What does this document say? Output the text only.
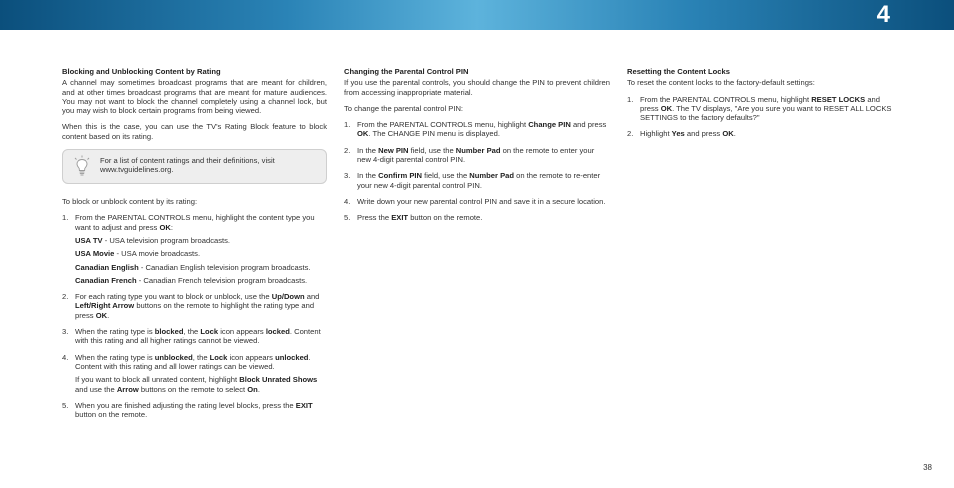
4
Blocking and Unblocking Content by Rating

A channel may sometimes broadcast programs that are meant for children, and at other times broadcast programs that are meant for mature audiences. You may not want to block the channel completely using a channel lock, but you may wish to block certain programs from being viewed.

When this is the case, you can use the TV's Rating Block feature to block content based on its rating.

For a list of content ratings and their definitions, visit www.tvguidelines.org.

To block or unblock content by its rating:

1. From the PARENTAL CONTROLS menu, highlight the content type you want to adjust and press OK:
USA TV - USA television program broadcasts.
USA Movie - USA movie broadcasts.
Canadian English - Canadian English television program broadcasts.
Canadian French - Canadian French television program broadcasts.
2. For each rating type you want to block or unblock, use the Up/Down and Left/Right Arrow buttons on the remote to highlight the rating type and press OK.
3. When the rating type is blocked, the Lock icon appears locked. Content with this rating and all higher ratings cannot be viewed.
4. When the rating type is unblocked, the Lock icon appears unlocked. Content with this rating and all lower ratings can be viewed.
If you want to block all unrated content, highlight Block Unrated Shows and use the Arrow buttons on the remote to select On.
5. When you are finished adjusting the rating level blocks, press the EXIT button on the remote.
Changing the Parental Control PIN

If you use the parental controls, you should change the PIN to prevent children from accessing inappropriate material.

To change the parental control PIN:

1. From the PARENTAL CONTROLS menu, highlight Change PIN and press OK. The CHANGE PIN menu is displayed.
2. In the New PIN field, use the Number Pad on the remote to enter your new 4-digit parental control PIN.
3. In the Confirm PIN field, use the Number Pad on the remote to re-enter your new 4-digit parental control PIN.
4. Write down your new parental control PIN and save it in a secure location.
5. Press the EXIT button on the remote.
Resetting the Content Locks

To reset the content locks to the factory-default settings:

1. From the PARENTAL CONTROLS menu, highlight RESET LOCKS and press OK. The TV displays, "Are you sure you want to RESET ALL LOCKS SETTINGS to the factory defaults?"
2. Highlight Yes and press OK.
38
